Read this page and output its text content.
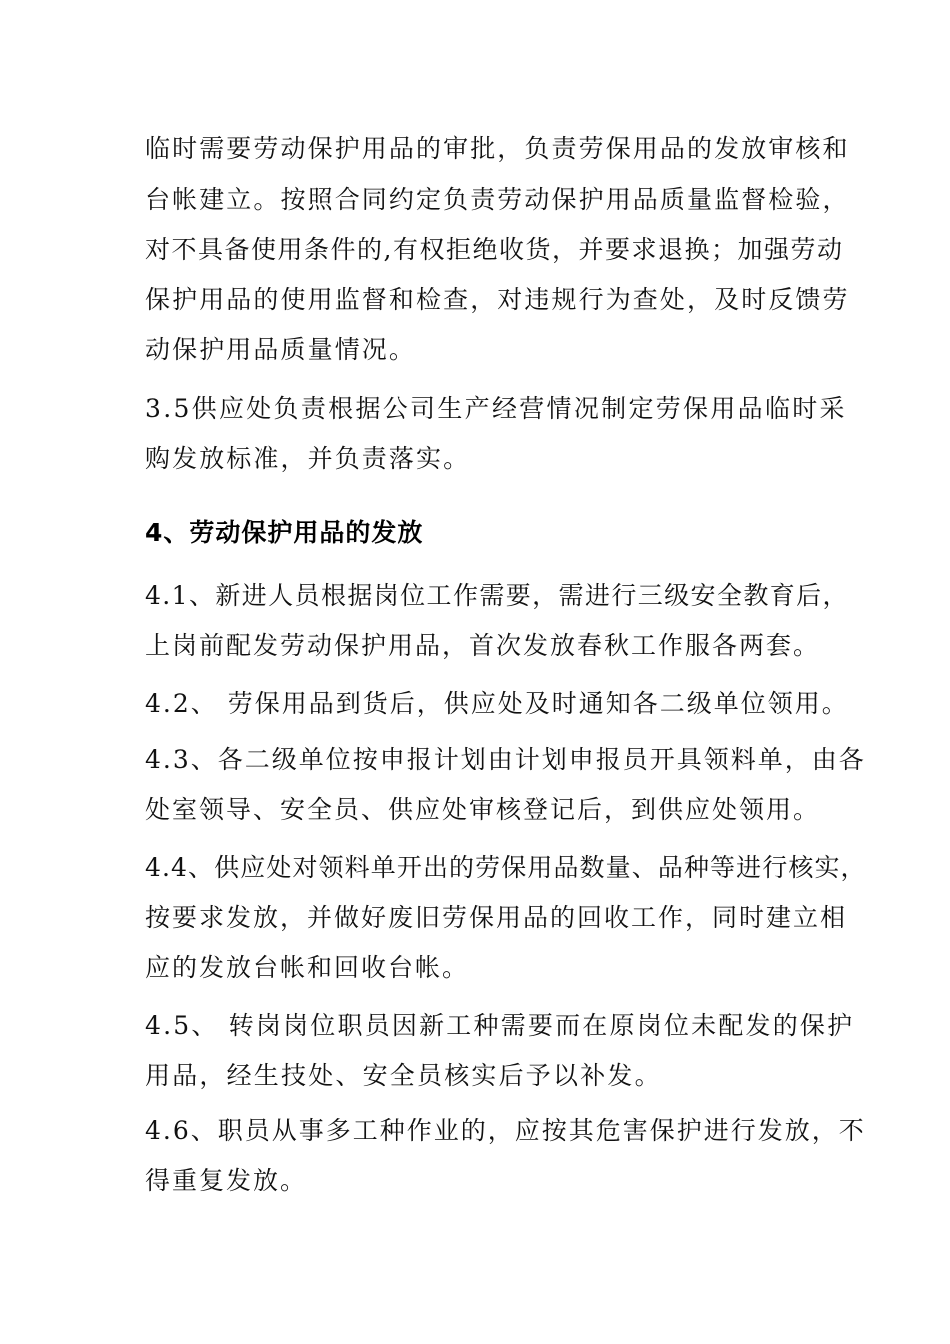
临时需要劳动保护用品的审批，负责劳保用品的发放审核和
台帐建立。按照合同约定负责劳动保护用品质量监督检验，
对不具备使用条件的,有权拒绝收货，并要求退换；加强劳动
保护用品的使用监督和检查，对违规行为查处，及时反馈劳
动保护用品质量情况。
3.5供应处负责根据公司生产经营情况制定劳保用品临时采
购发放标准，并负责落实。
4、劳动保护用品的发放
4.1、新进人员根据岗位工作需要，需进行三级安全教育后，
上岗前配发劳动保护用品，首次发放春秋工作服各两套。
4.2、 劳保用品到货后，供应处及时通知各二级单位领用。
4.3、各二级单位按申报计划由计划申报员开具领料单，由各
处室领导、安全员、供应处审核登记后，到供应处领用。
4.4、供应处对领料单开出的劳保用品数量、品种等进行核实，
按要求发放，并做好废旧劳保用品的回收工作，同时建立相
应的发放台帐和回收台帐。
4.5、 转岗岗位职员因新工种需要而在原岗位未配发的保护
用品，经生技处、安全员核实后予以补发。
4.6、职员从事多工种作业的，应按其危害保护进行发放，不
得重复发放。
